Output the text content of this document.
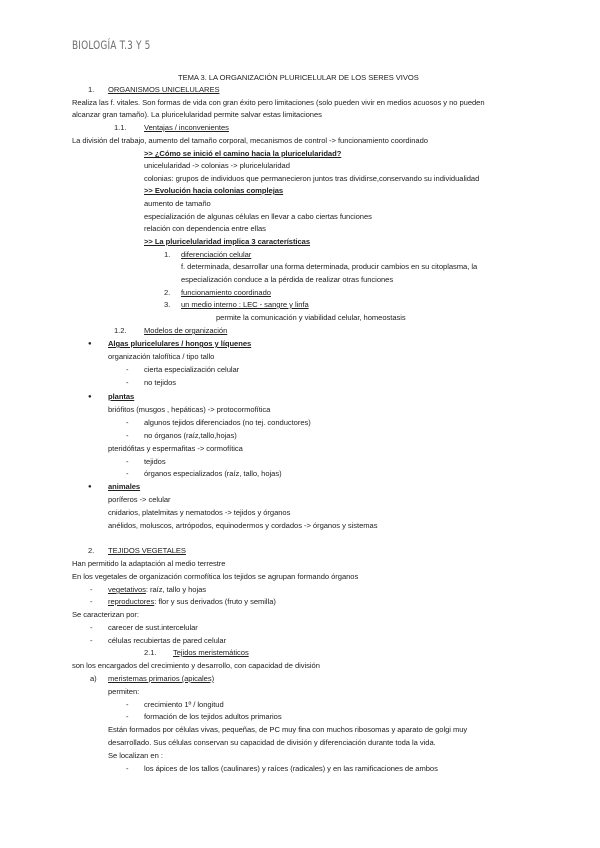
BIOLOGÍA T.3 Y 5
TEMA 3. LA ORGANIZACIÓN PLURICELULAR DE LOS SERES VIVOS
1. ORGANISMOS UNICELULARES
Realiza las f. vitales. Son formas de vida con gran éxito pero limitaciones (solo pueden vivir en medios acuosos y no pueden
alcanzar gran tamaño). La pluricelularidad permite salvar estas limitaciones
1.1. Ventajas / inconvenientes
La división del trabajo, aumento del tamaño corporal, mecanismos de control -> funcionamiento coordinado
>> ¿Cómo se inició el camino hacia la pluricelularidad?
unicelularidad -> colonias -> pluricelularidad
colonias: grupos de individuos que permanecieron juntos tras dividirse,conservando su individualidad
>> Evolución hacia colonias complejas
aumento de tamaño
especialización de algunas células en llevar a cabo ciertas funciones
relación con dependencia entre ellas
>> La pluricelularidad implica 3 características
1. diferenciación celular
f. determinada, desarrollar una forma determinada, producir cambios en su citoplasma, la
especialización conduce a la pérdida de realizar otras funciones
2. funcionamiento coordinado
3. un medio interno : LEC - sangre y linfa
permite la comunicación y viabilidad celular, homeostasis
1.2. Modelos de organización
● Algas pluricelulares / hongos y líquenes
organización talofítica / tipo tallo
- cierta especialización celular
- no tejidos
● plantas
briófitos (musgos , hepáticas) -> protocormofítica
- algunos tejidos diferenciados (no tej. conductores)
- no órganos (raíz,tallo,hojas)
pteridófitas y espermafitas -> cormofítica
- tejidos
- órganos especializados (raíz, tallo, hojas)
● animales
poríferos -> celular
cnidarios, platelmitas y nematodos -> tejidos y órganos
anélidos, moluscos, artrópodos, equinodermos y cordados -> órganos y sistemas
2. TEJIDOS VEGETALES
Han permitido la adaptación al medio terrestre
En los vegetales de organización cormofítica los tejidos se agrupan formando órganos
- vegetativos: raíz, tallo y hojas
- reproductores: flor y sus derivados (fruto y semilla)
Se caracterizan por:
- carecer de sust.intercelular
- células recubiertas de pared celular
2.1. Tejidos meristemáticos
son los encargados del crecimiento y desarrollo, con capacidad de división
a) meristemas primarios (apicales)
permiten:
- crecimiento 1º / longitud
- formación de los tejidos adultos primarios
Están formados por células vivas, pequeñas, de PC muy fina con muchos ribosomas y aparato de golgi muy
desarrollado. Sus células conservan su capacidad de división y diferenciación durante toda la vida.
Se localizan en :
- los ápices de los tallos (caulinares) y raíces (radicales) y en las ramificaciones de ambos
